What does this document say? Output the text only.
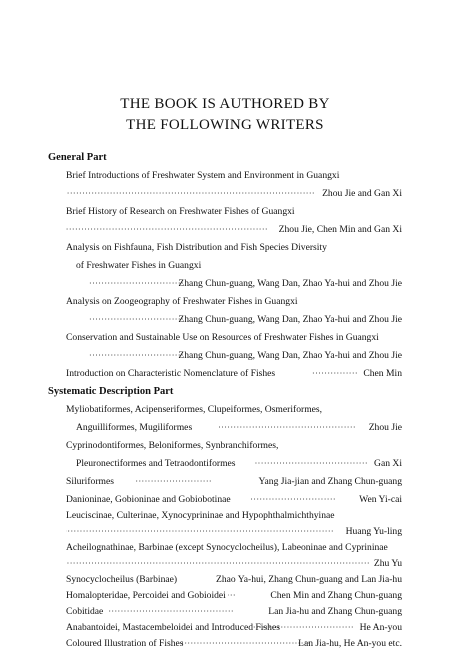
THE BOOK IS AUTHORED BY
THE FOLLOWING WRITERS
General Part
Brief Introductions of Freshwater System and Environment in Guangxi
·····
Zhou Jie and Gan Xi
Brief History of Research on Freshwater Fishes of Guangxi
·····
Zhou Jie, Chen Min and Gan Xi
Analysis on Fishfauna, Fish Distribution and Fish Species Diversity
of Freshwater Fishes in Guangxi
·····
Zhang Chun-guang, Wang Dan, Zhao Ya-hui and Zhou Jie
Analysis on Zoogeography of Freshwater Fishes in Guangxi
·····
Zhang Chun-guang, Wang Dan, Zhao Ya-hui and Zhou Jie
Conservation and Sustainable Use on Resources of Freshwater Fishes in Guangxi
·····
Zhang Chun-guang, Wang Dan, Zhao Ya-hui and Zhou Jie
Introduction on Characteristic Nomenclature of Fishes ·····	Chen Min
Systematic Description Part
Myliobatiformes, Acipenseriformes, Clupeiformes, Osmeriformes,
Anguilliformes, Mugiliformes ·····	Zhou Jie
Cyprinodontiformes, Beloniformes, Synbranchiformes,
Pleuronectiformes and Tetraodontiformes ·····	Gan Xi
Siluriformes ·····	Yang Jia-jian and Zhang Chun-guang
Danioninae, Gobioninae and Gobiobotinae ·····	Wen Yi-cai
Leuciscinae, Culterinae, Xynocyprininae and Hypophthalmichthyinae
·····
Huang Yu-ling
Acheilognathinae, Barbinae (except Synocyclocheilus), Labeoninae and Cyprininae
·····
Zhu Yu
Synocyclocheilus (Barbinae)	Zhao Ya-hui, Zhang Chun-guang and Lan Jia-hu
Homalopteridae, Percoidei and Gobioidei ·····	Chen Min and Zhang Chun-guang
Cobitidae ·····	Lan Jia-hu and Zhang Chun-guang
Anabantoidei, Mastacembeloidei and Introduced Fishes ·····	He An-you
Coloured Illustration of Fishes ·····	Lan Jia-hu, He An-you etc.
